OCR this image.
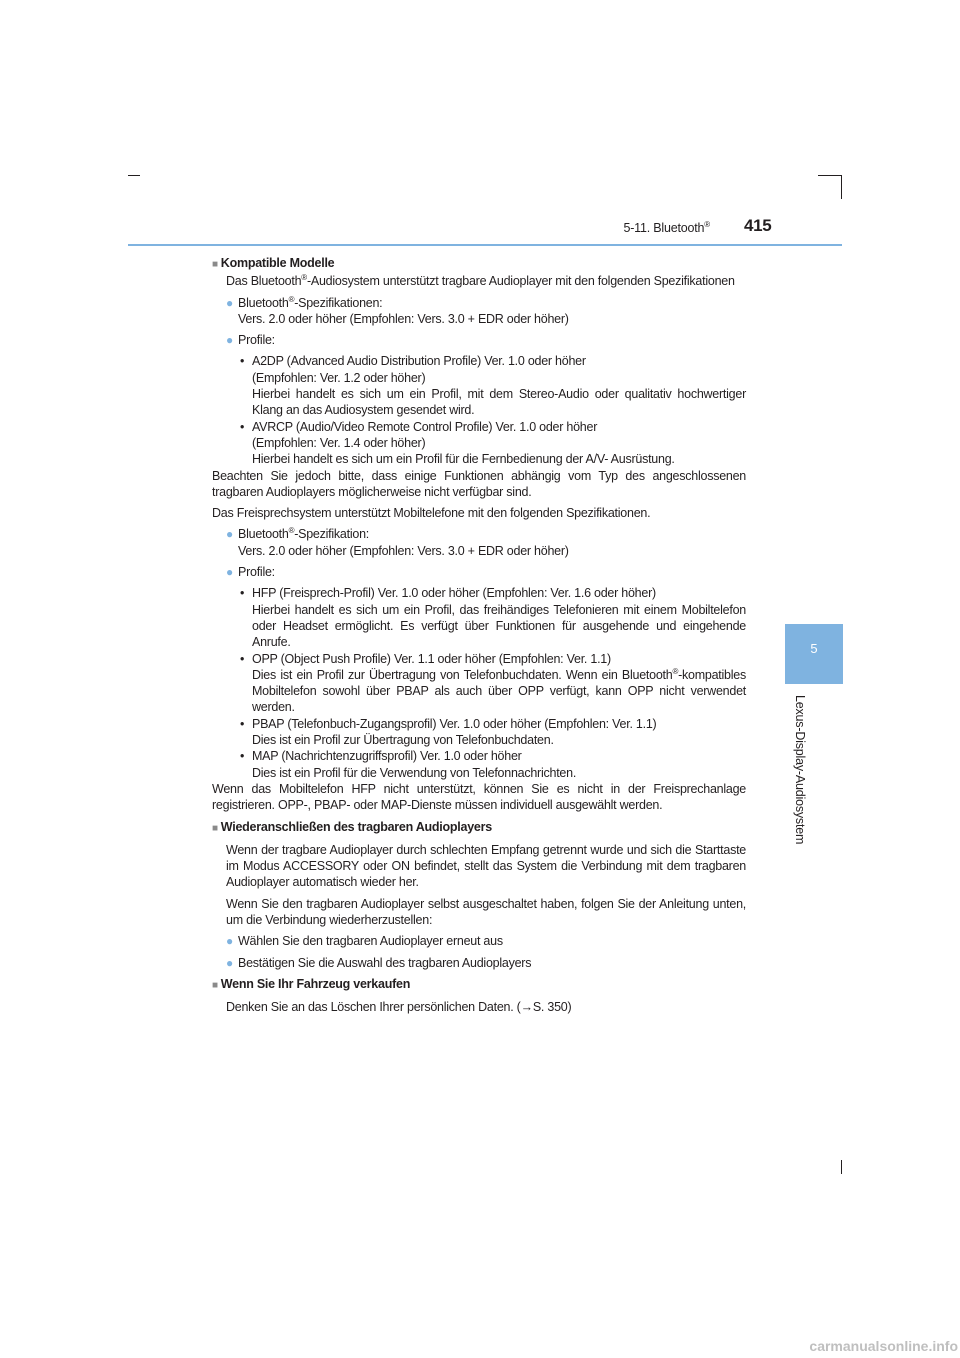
5-11. Bluetooth® 415
5
Lexus-Display-Audiosystem

■ Kompatible Modelle

Das Bluetooth®-Audiosystem unterstützt tragbare Audioplayer mit den folgenden Spezifikationen

● Bluetooth®-Spezifikationen:

Vers. 2.0 oder höher (Empfohlen: Vers. 3.0 + EDR oder höher)

● Profile:

• A2DP (Advanced Audio Distribution Profile) Ver. 1.0 oder höher

(Empfohlen: Ver. 1.2 oder höher)

Hierbei handelt es sich um ein Profil, mit dem Stereo-Audio oder qualitativ hochwertiger Klang an das Audiosystem gesendet wird.

• AVRCP (Audio/Video Remote Control Profile) Ver. 1.0 oder höher

(Empfohlen: Ver. 1.4 oder höher)

Hierbei handelt es sich um ein Profil für die Fernbedienung der A/V- Ausrüstung.

Beachten Sie jedoch bitte, dass einige Funktionen abhängig vom Typ des angeschlossenen tragbaren Audioplayers möglicherweise nicht verfügbar sind.

Das Freisprechsystem unterstützt Mobiltelefone mit den folgenden Spezifikationen.

● Bluetooth®-Spezifikation:

Vers. 2.0 oder höher (Empfohlen: Vers. 3.0 + EDR oder höher)

● Profile:

• HFP (Freisprech-Profil) Ver. 1.0 oder höher (Empfohlen: Ver. 1.6 oder höher)

Hierbei handelt es sich um ein Profil, das freihändiges Telefonieren mit einem Mobiltelefon oder Headset ermöglicht. Es verfügt über Funktionen für ausgehende und eingehende Anrufe.

• OPP (Object Push Profile) Ver. 1.1 oder höher (Empfohlen: Ver. 1.1)

Dies ist ein Profil zur Übertragung von Telefonbuchdaten. Wenn ein Bluetooth®-kompatibles Mobiltelefon sowohl über PBAP als auch über OPP verfügt, kann OPP nicht verwendet werden.

• PBAP (Telefonbuch-Zugangsprofil) Ver. 1.0 oder höher (Empfohlen: Ver. 1.1)

Dies ist ein Profil zur Übertragung von Telefonbuchdaten.

• MAP (Nachrichtenzugriffsprofil) Ver. 1.0 oder höher

Dies ist ein Profil für die Verwendung von Telefonnachrichten.

Wenn das Mobiltelefon HFP nicht unterstützt, können Sie es nicht in der Freisprechanlage registrieren. OPP-, PBAP- oder MAP-Dienste müssen individuell ausgewählt werden.

■ Wiederanschließen des tragbaren Audioplayers

Wenn der tragbare Audioplayer durch schlechten Empfang getrennt wurde und sich die Starttaste im Modus ACCESSORY oder ON befindet, stellt das System die Verbindung mit dem tragbaren Audioplayer automatisch wieder her.

Wenn Sie den tragbaren Audioplayer selbst ausgeschaltet haben, folgen Sie der Anleitung unten, um die Verbindung wiederherzustellen:

● Wählen Sie den tragbaren Audioplayer erneut aus

● Bestätigen Sie die Auswahl des tragbaren Audioplayers

■ Wenn Sie Ihr Fahrzeug verkaufen

Denken Sie an das Löschen Ihrer persönlichen Daten. (→S. 350)

carmanualsonline.info
